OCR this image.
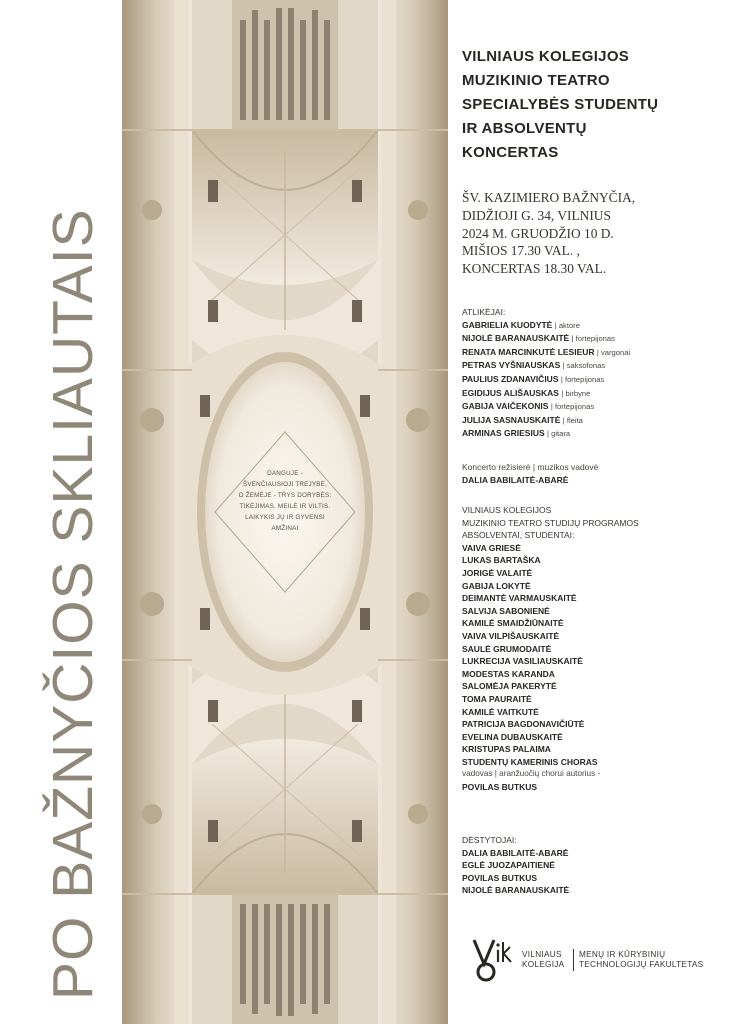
PO BAŽNYČIOS SKLIAUTAIS	DANGUJE -
ŠVENČIAUSIOJI TREJYBĖ,
O ŽEMĖJE - TRYS DORYBĖS:
TIKĖJIMAS, MEILĖ IR VILTIS.
LAIKYKIS JŲ IR GYVENSI
AMŽINAI
VILNIAUS KOLEGIJOS
MUZIKINIO TEATRO
SPECIALYBĖS STUDENTŲ
IR ABSOLVENTŲ
KONCERTAS
ŠV. KAZIMIERO BAŽNYČIA,
DIDŽIOJI G. 34, VILNIUS
2024 M. GRUODŽIO 10 D.
MIŠIOS 17.30 VAL. ,
KONCERTAS 18.30 VAL.
ATLIKĖJAI:
GABRIELIA KUODYTĖ | aktorė
NIJOLĖ BARANAUSKAITĖ | fortepijonas
RENATA MARCINKUTĖ LESIEUR | vargonai
PETRAS VYŠNIAUSKAS | saksofonas
PAULIUS ZDANAVIČIUS | fortepijonas
EGIDIJUS ALIŠAUSKAS | birbynė
GABIJA VAIČEKONIS | fortepijonas
JULIJA SASNAUSKAITĖ | fleita
ARMINAS GRIESIUS | gitara
Koncerto režisierė | muzikos vadovė
DALIA BABILAITĖ-ABARĖ
VILNIAUS KOLEGIJOS
MUZIKINIO TEATRO STUDIJŲ PROGRAMOS
ABSOLVENTAI, STUDENTAI:
VAIVA GRIESĖ
LUKAS BARTAŠKA
JORIGĖ VALAITĖ
GABIJA LOKYTĖ
DEIMANTĖ VARMAUSKAITĖ
SALVIJA SABONIENĖ
KAMILĖ SMAIDŽIŪNAITĖ
VAIVA VILPIŠAUSKAITĖ
SAULĖ GRUMODAITĖ
LUKRECIJA VASILIAUSKAITĖ
MODESTAS KARANDA
SALOMĖJA PAKERYTĖ
TOMA PAURAITĖ
KAMILĖ VAITKUTĖ
PATRICIJA BAGDONAVIČIŪTĖ
EVELINA DUBAUSKAITĖ
KRISTUPAS PALAIMA
STUDENTŲ KAMERINIS CHORAS
vadovas | aranžuočių chorui autorius -
POVILAS BUTKUS
DĖSTYTOJAI:
DALIA BABILAITĖ-ABARĖ
EGLĖ JUOZAPAITIENĖ
POVILAS BUTKUS
NIJOLĖ BARANAUSKAITĖ
VILNIAUS
KOLEGIJA
MENŲ IR KŪRYBINIŲ
TECHNOLOGIJŲ FAKULTETAS
